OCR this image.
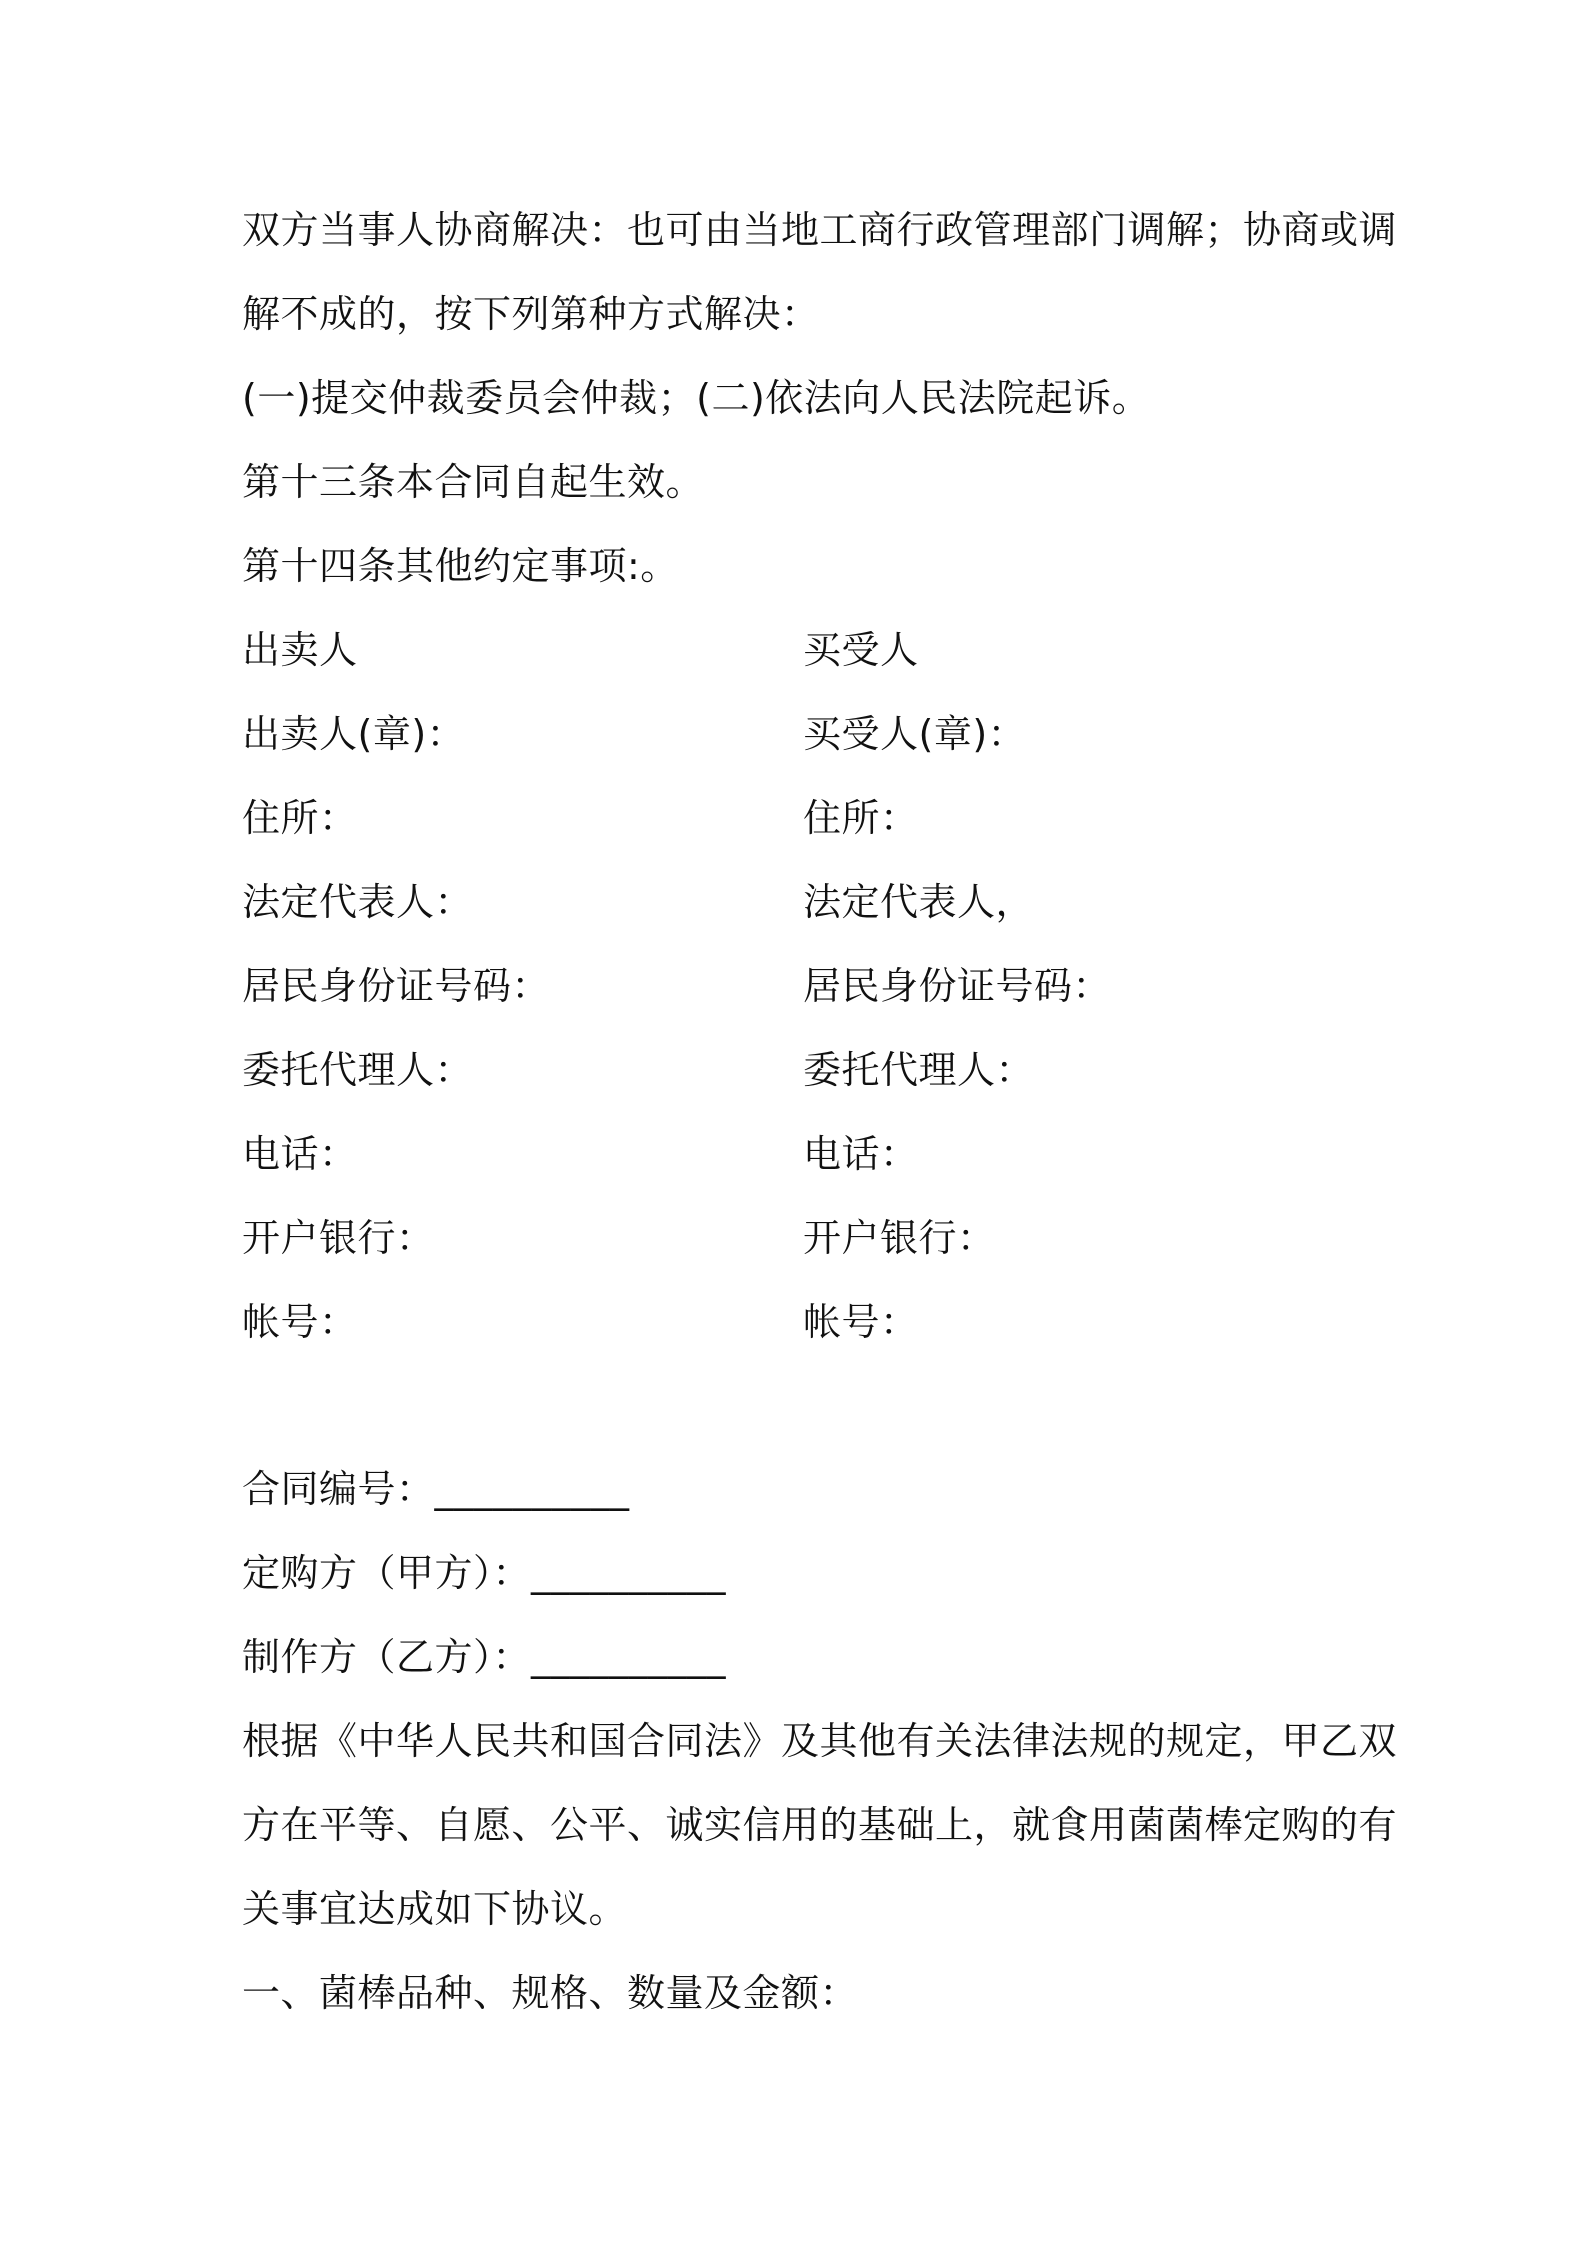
双方当事人协商解决：也可由当地工商行政管理部门调解；协商或调
解不成的，按下列第种方式解决：
(一)提交仲裁委员会仲裁；(二)依法向人民法院起诉。
第十三条本合同自起生效。
第十四条其他约定事项:。
出卖人	买受人
出卖人(章)：	买受人(章)：
住所：	住所：
法定代表人：	法定代表人，
居民身份证号码：	居民身份证号码：
委托代理人：	委托代理人：
电话：	电话：
开户银行：	开户银行：
帐号：	帐号：
合同编号：__________
定购方（甲方）：__________
制作方（乙方）：__________
根据《中华人民共和国合同法》及其他有关法律法规的规定，甲乙双
方在平等、自愿、公平、诚实信用的基础上，就食用菌菌棒定购的有
关事宜达成如下协议。
一、菌棒品种、规格、数量及金额：
